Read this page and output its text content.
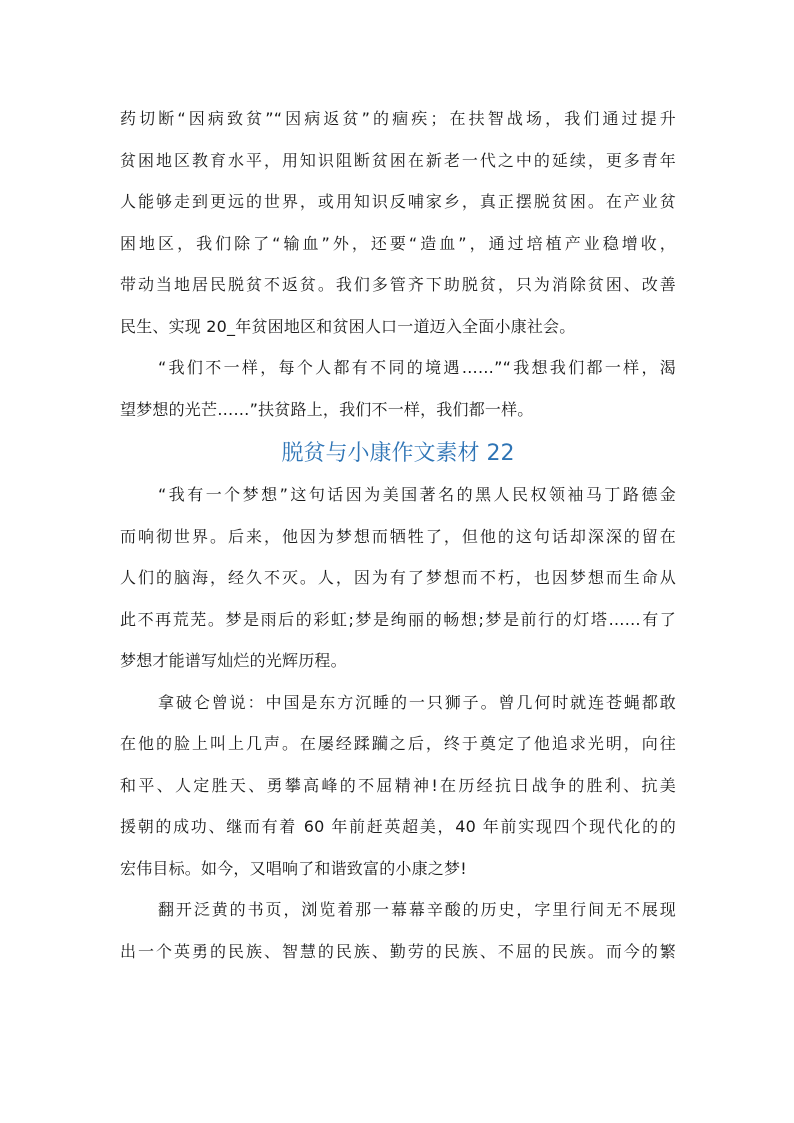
药切断“因病致贫”“因病返贫”的痼疾；在扶智战场，我们通过提升
贫困地区教育水平，用知识阻断贫困在新老一代之中的延续，更多青年
人能够走到更远的世界，或用知识反哺家乡，真正摆脱贫困。在产业贫
困地区，我们除了“输血”外，还要“造血”，通过培植产业稳增收，
带动当地居民脱贫不返贫。我们多管齐下助脱贫，只为消除贫困、改善
民生、实现 20_年贫困地区和贫困人口一道迈入全面小康社会。
“我们不一样，每个人都有不同的境遇……”“我想我们都一样，渴
望梦想的光芒……”扶贫路上，我们不一样，我们都一样。
脱贫与小康作文素材 22
“我有一个梦想”这句话因为美国著名的黑人民权领袖马丁路德金
而响彻世界。后来，他因为梦想而牺牲了，但他的这句话却深深的留在
人们的脑海，经久不灭。人，因为有了梦想而不朽，也因梦想而生命从
此不再荒芜。梦是雨后的彩虹;梦是绚丽的畅想;梦是前行的灯塔……有了
梦想才能谱写灿烂的光辉历程。
拿破仑曾说：中国是东方沉睡的一只狮子。曾几何时就连苍蝇都敢
在他的脸上叫上几声。在屡经蹂躏之后，终于奠定了他追求光明，向往
和平、人定胜天、勇攀高峰的不屈精神!在历经抗日战争的胜利、抗美
援朝的成功、继而有着 60 年前赶英超美，40 年前实现四个现代化的的
宏伟目标。如今，又唱响了和谐致富的小康之梦!
翻开泛黄的书页，浏览着那一幕幕辛酸的历史，字里行间无不展现
出一个英勇的民族、智慧的民族、勤劳的民族、不屈的民族。而今的繁
